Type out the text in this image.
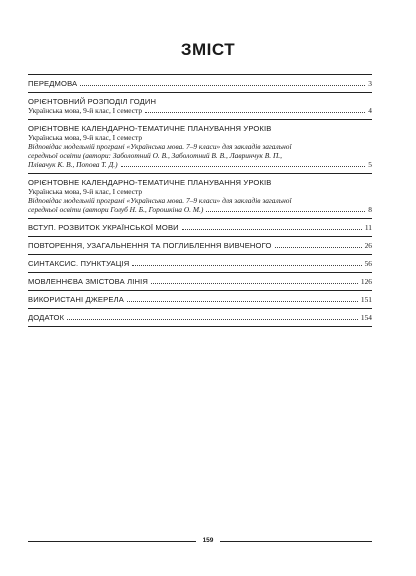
ЗМІСТ
ПЕРЕДМОВА	3
ОРІЄНТОВНИЙ РОЗПОДІЛ ГОДИН
Українська мова, 9-й клас, І семестр	4
ОРІЄНТОВНЕ КАЛЕНДАРНО-ТЕМАТИЧНЕ ПЛАНУВАННЯ УРОКІВ
Українська мова, 9-й клас, І семестр
Відповідає модельній програмі «Українська мова. 7–9 класи» для закладів загальної
середньої освіти (автори: Заболотний О. В., Заболотний В. В., Лавринчук В. П.,
Плівачук К. В., Попова Т. Д.)	5
ОРІЄНТОВНЕ КАЛЕНДАРНО-ТЕМАТИЧНЕ ПЛАНУВАННЯ УРОКІВ
Українська мова, 9-й клас, І семестр
Відповідає модельній програмі «Українська мова. 7–9 класи» для закладів загальної
середньої освіти (автори Голуб Н. Б., Горошкіна О. М.)	8
ВСТУП. РОЗВИТОК УКРАЇНСЬКОЇ МОВИ	11
ПОВТОРЕННЯ, УЗАГАЛЬНЕННЯ ТА ПОГЛИБЛЕННЯ ВИВЧЕНОГО	26
СИНТАКСИС. ПУНКТУАЦІЯ	56
МОВЛЕННЄВА ЗМІСТОВА ЛІНІЯ	126
ВИКОРИСТАНІ ДЖЕРЕЛА	151
ДОДАТОК	154
159
